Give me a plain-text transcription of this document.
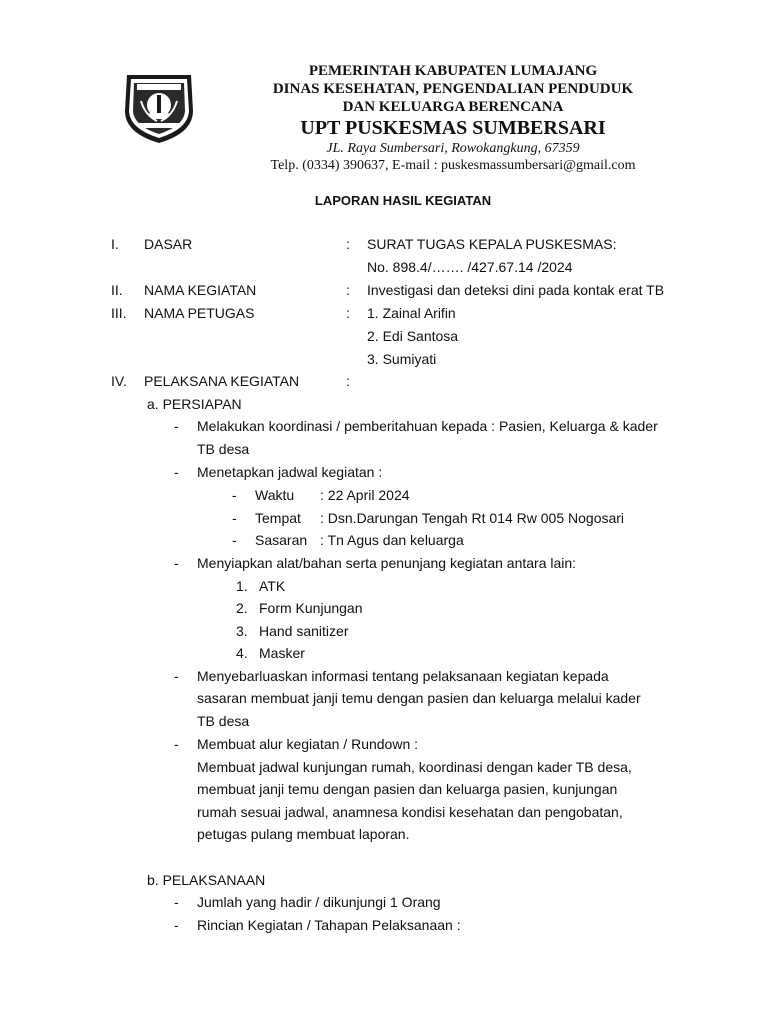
PEMERINTAH KABUPATEN LUMAJANG
DINAS KESEHATAN, PENGENDALIAN PENDUDUK
DAN KELUARGA BERENCANA
UPT PUSKESMAS SUMBERSARI
JL. Raya Sumbersari, Rowokangkung, 67359
Telp. (0334) 390637, E-mail : puskesmassumbersari@gmail.com
LAPORAN HASIL KEGIATAN
I. DASAR	: SURAT TUGAS KEPALA PUSKESMAS:
No. 898.4/……. /427.67.14 /2024
II. NAMA KEGIATAN	: Investigasi dan deteksi dini pada kontak erat TB
III. NAMA PETUGAS	: 1. Zainal Arifin
2. Edi Santosa
3. Sumiyati
IV. PELAKSANA KEGIATAN	:
a. PERSIAPAN
- Melakukan koordinasi / pemberitahuan kepada : Pasien, Keluarga & kader
TB desa
- Menetapkan jadwal kegiatan :
- Waktu : 22 April 2024
- Tempat : Dsn.Darungan Tengah Rt 014 Rw 005 Nogosari
- Sasaran : Tn Agus dan keluarga
- Menyiapkan alat/bahan serta penunjang kegiatan antara lain:
1. ATK
2. Form Kunjungan
3. Hand sanitizer
4. Masker
- Menyebarluaskan informasi tentang pelaksanaan kegiatan kepada
sasaran membuat janji temu dengan pasien dan keluarga melalui kader
TB desa
- Membuat alur kegiatan / Rundown :
Membuat jadwal kunjungan rumah, koordinasi dengan kader TB desa,
membuat janji temu dengan pasien dan keluarga pasien, kunjungan
rumah sesuai jadwal, anamnesa kondisi kesehatan dan pengobatan,
petugas pulang membuat laporan.
b. PELAKSANAAN
- Jumlah yang hadir / dikunjungi 1 Orang
- Rincian Kegiatan / Tahapan Pelaksanaan :
